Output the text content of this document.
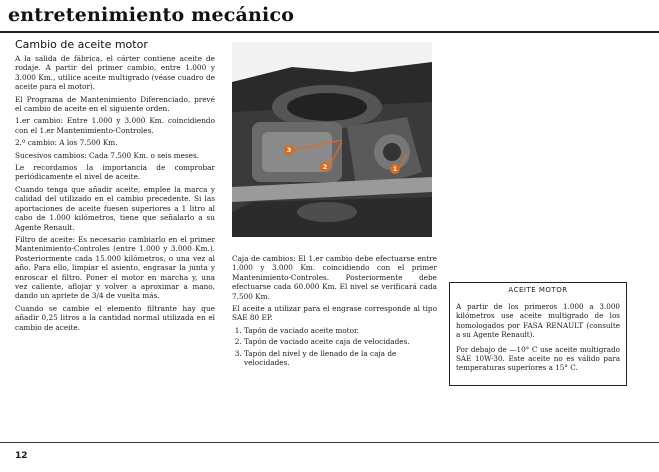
entretenimiento mecánico
Cambio de aceite motor

A la salida de fábrica, el cárter contiene aceite de rodaje. A partir del primer cambio, entre 1.000 y 3.000 Km., utilice aceite multigrado (véase cuadro de aceite para el motor).

El Programa de Mantenimiento Diferenciado, prevé el cambio de aceite en el siguiente orden.

1.er cambio: Entre 1.000 y 3.000 Km. coincidiendo con el 1.er Mantenimiento-Controles.

2.º cambio: A los 7.500 Km.

Sucesivos cambios: Cada 7.500 Km. o seis meses.

Le recordamos la importancia de comprobar periódicamente el nivel de aceite.

Cuando tenga que añadir aceite, emplee la marca y calidad del utilizado en el cambio precedente. Si las aportaciones de aceite fuesen superiores a 1 litro al cabo de 1.000 kilómetros, tiene que señalarlo a su Agente Renault.

Filtro de aceite: Es necesario cambiarlo en el primer Mantenimiento-Controles (entre 1.000 y 3.000 Km.). Posteriormente cada 15.000 kilómetros, o una vez al año. Para ello, limpiar el asiento, engrasar la junta y enroscar el filtro. Poner el motor en marcha y, una vez caliente, aflojar y volver a aproximar a mano, dando un apriete de 3/4 de vuelta más.

Cuando se cambie el elemento filtrante hay que añadir 0,25 litros a la cantidad normal utilizada en el cambio de aceite.

3
2	1

Caja de cambios: El 1.er cambio debe efectuarse entre 1.000 y 3.000 Km. coincidiendo con el primer Mantenimiento-Controles. Posteriormente debe efectuarse cada 60.000 Km. El nivel se verificará cada 7.500 Km.

El aceite a utilizar para el engrase corresponde al tipo SAE 80 EP.

1. Tapón de vaciado aceite motor.
2. Tapón de vaciado aceite caja de velocidades.
3. Tapón del nivel y de llenado de la caja de velocidades.
ACEITE MOTOR

A partir de los primeros 1.000 a 3.000 kilómetros use aceite multigrado de los homologados por FASA RENAULT (consulte a su Agente Renault).

Por debajo de —10° C use aceite multigrado SAE 10W-30. Este aceite no es válido para temperaturas superiores a 15° C.

12
